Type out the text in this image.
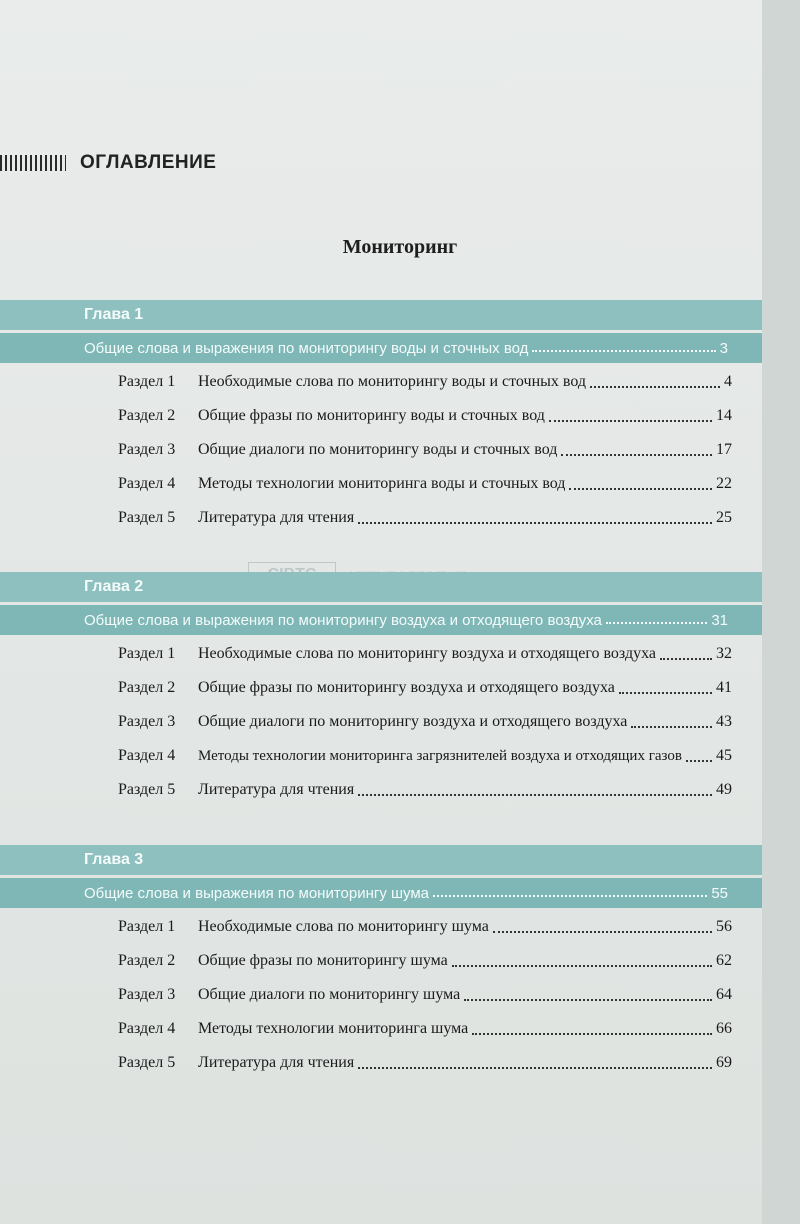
ОГЛАВЛЕНИЕ
Мониторинг
Глава 1
Общие слова и выражения по мониторингу воды и сточных вод	3
Раздел 1	Необходимые слова по мониторингу воды и сточных вод	4
Раздел 2	Общие фразы по мониторингу воды и сточных вод	14
Раздел 3	Общие диалоги по мониторингу воды и сточных вод	17
Раздел 4	Методы технологии мониторинга воды и сточных вод	22
Раздел 5	Литература для чтения	25
Глава 2
Общие слова и выражения по мониторингу воздуха и отходящего воздуха	31
Раздел 1	Необходимые слова по мониторингу воздуха и отходящего воздуха	32
Раздел 2	Общие фразы по мониторингу воздуха и отходящего воздуха	41
Раздел 3	Общие диалоги по мониторингу воздуха и отходящего воздуха	43
Раздел 4	Методы технологии мониторинга загрязнителей воздуха и отходящих газов 45
Раздел 5	Литература для чтения	49
Глава 3
Общие слова и выражения по мониторингу шума	55
Раздел 1	Необходимые слова по мониторингу шума	56
Раздел 2	Общие фразы по мониторингу шума	62
Раздел 3	Общие диалоги по мониторингу шума	64
Раздел 4	Методы технологии мониторинга шума	66
Раздел 5	Литература для чтения	69
